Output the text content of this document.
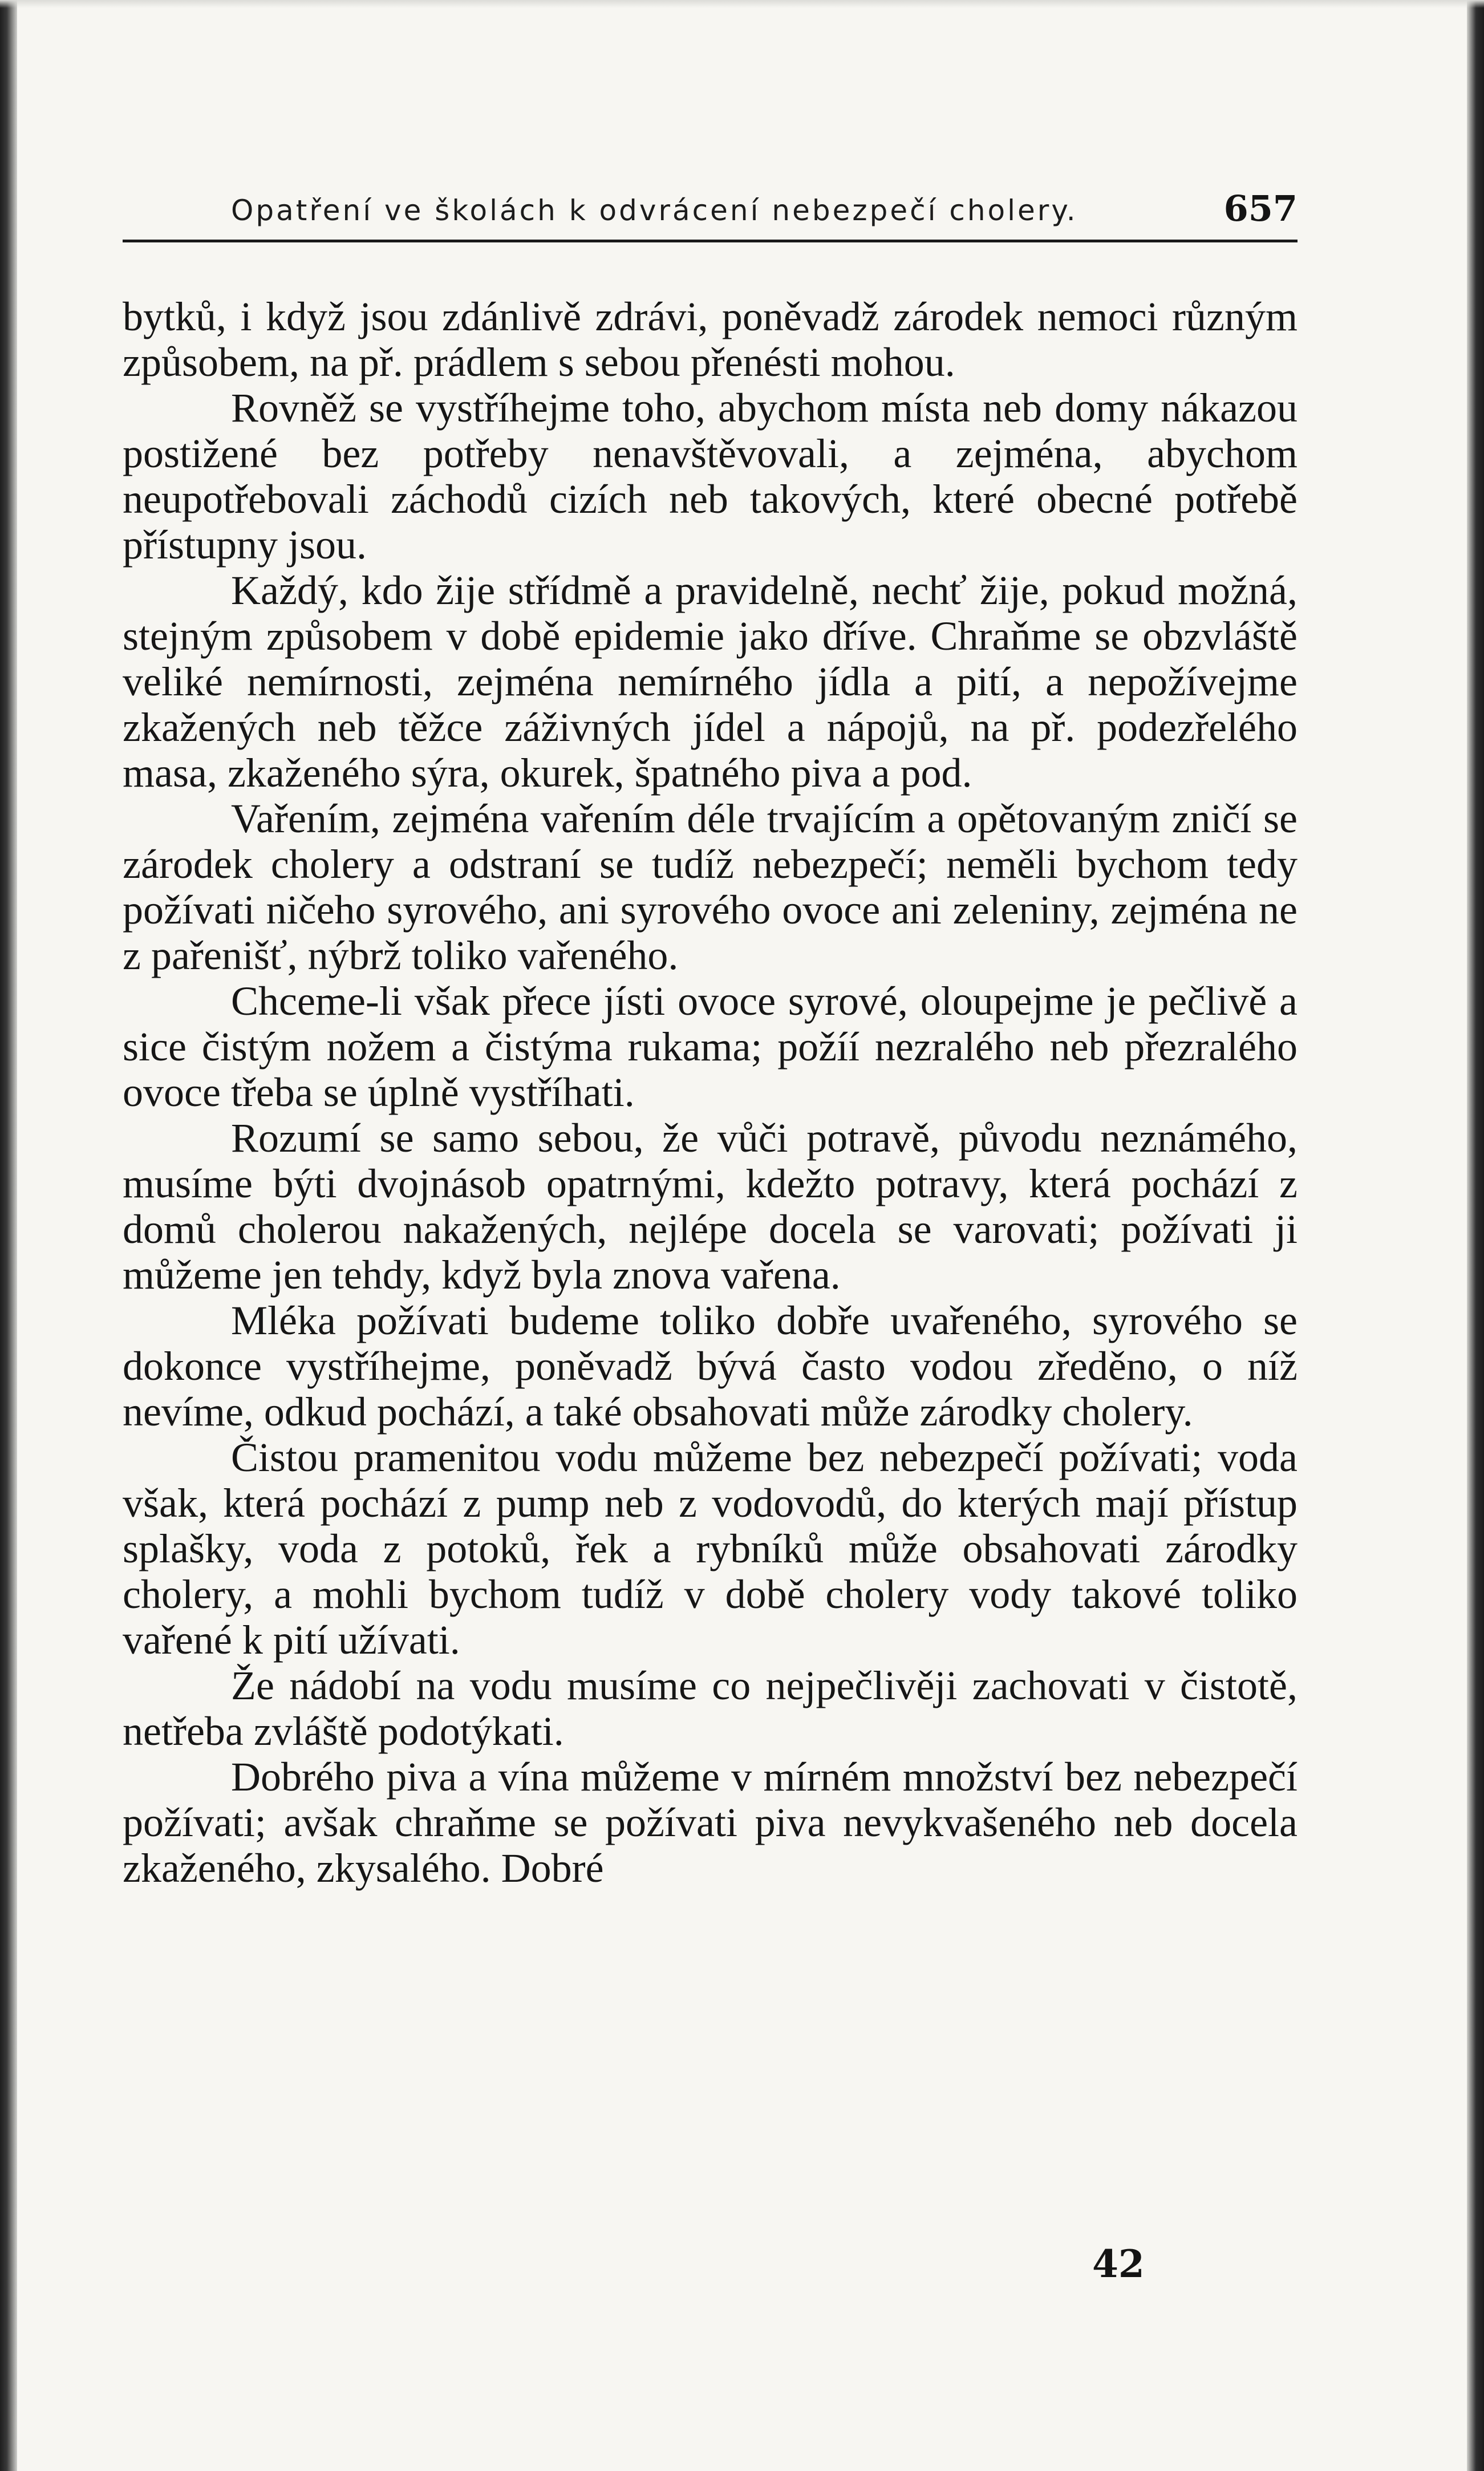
Opatření ve školách k odvrácení nebezpečí cholery.	657

bytků, i když jsou zdánlivě zdrávi, poněvadž zárodek nemoci různým způsobem, na př. prádlem s sebou přenésti mohou.

Rovněž se vystříhejme toho, abychom místa neb domy nákazou postižené bez potřeby nenavštěvovali, a zejména, abychom neupotřebovali záchodů cizích neb takových, které obecné potřebě přístupny jsou.

Každý, kdo žije střídmě a pravidelně, nechť žije, pokud možná, stejným způsobem v době epidemie jako dříve. Chraňme se obzvláště veliké nemírnosti, zejména nemírného jídla a pití, a nepožívejme zkažených neb těžce záživných jídel a nápojů, na př. podezřelého masa, zkaženého sýra, okurek, špatného piva a pod.

Vařením, zejména vařením déle trvajícím a opětovaným zničí se zárodek cholery a odstraní se tudíž nebezpečí; neměli bychom tedy požívati ničeho syrového, ani syrového ovoce ani zeleniny, zejména ne z pařenišť, nýbrž toliko vařeného.

Chceme-li však přece jísti ovoce syrové, oloupejme je pečlivě a sice čistým nožem a čistýma rukama; požíí nezralého neb přezralého ovoce třeba se úplně vystříhati.

Rozumí se samo sebou, že vůči potravě, původu neznámého, musíme býti dvojnásob opatrnými, kdežto potravy, která pochází z domů cholerou nakažených, nejlépe docela se varovati; požívati ji můžeme jen tehdy, když byla znova vařena.

Mléka požívati budeme toliko dobře uvařeného, syrového se dokonce vystříhejme, poněvadž bývá často vodou zředěno, o níž nevíme, odkud pochází, a také obsahovati může zárodky cholery.

Čistou pramenitou vodu můžeme bez nebezpečí požívati; voda však, která pochází z pump neb z vodovodů, do kterých mají přístup splašky, voda z potoků, řek a rybníků může obsahovati zárodky cholery, a mohli bychom tudíž v době cholery vody takové toliko vařené k pití užívati.

Že nádobí na vodu musíme co nejpečlivěji zachovati v čistotě, netřeba zvláště podotýkati.

Dobrého piva a vína můžeme v mírném množství bez nebezpečí požívati; avšak chraňme se požívati piva nevykvašeného neb docela zkaženého, zkysalého. Dobré

42
